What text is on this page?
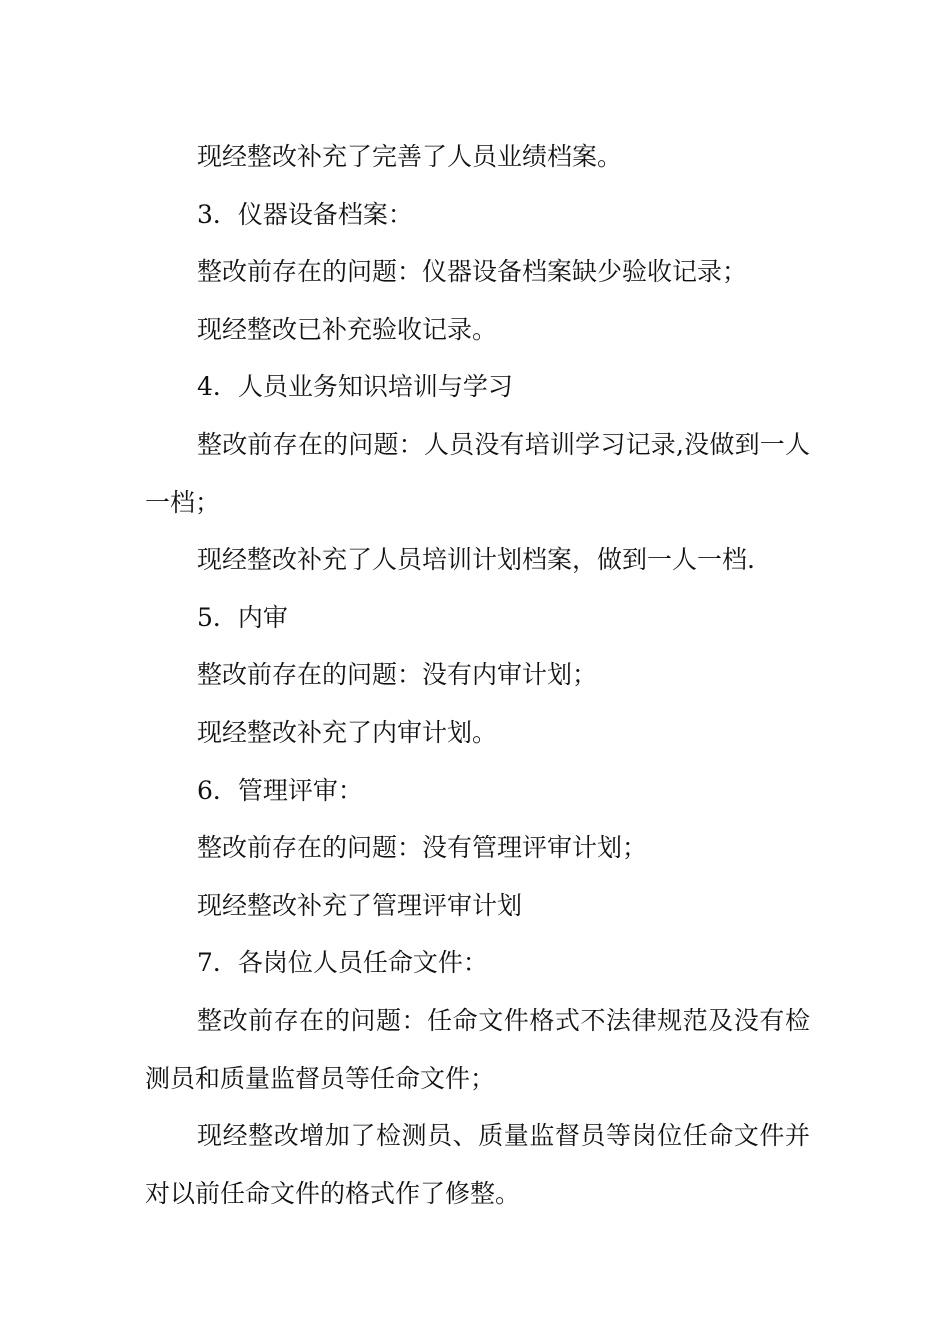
现经整改补充了完善了人员业绩档案。

3．仪器设备档案：

整改前存在的问题：仪器设备档案缺少验收记录；

现经整改已补充验收记录。

4．人员业务知识培训与学习

整改前存在的问题：人员没有培训学习记录,没做到一人一档；

现经整改补充了人员培训计划档案，做到一人一档.

5．内审

整改前存在的问题：没有内审计划；

现经整改补充了内审计划。

6．管理评审：

整改前存在的问题：没有管理评审计划；

现经整改补充了管理评审计划

7．各岗位人员任命文件：

整改前存在的问题：任命文件格式不法律规范及没有检测员和质量监督员等任命文件；

现经整改增加了检测员、质量监督员等岗位任命文件并对以前任命文件的格式作了修整。
